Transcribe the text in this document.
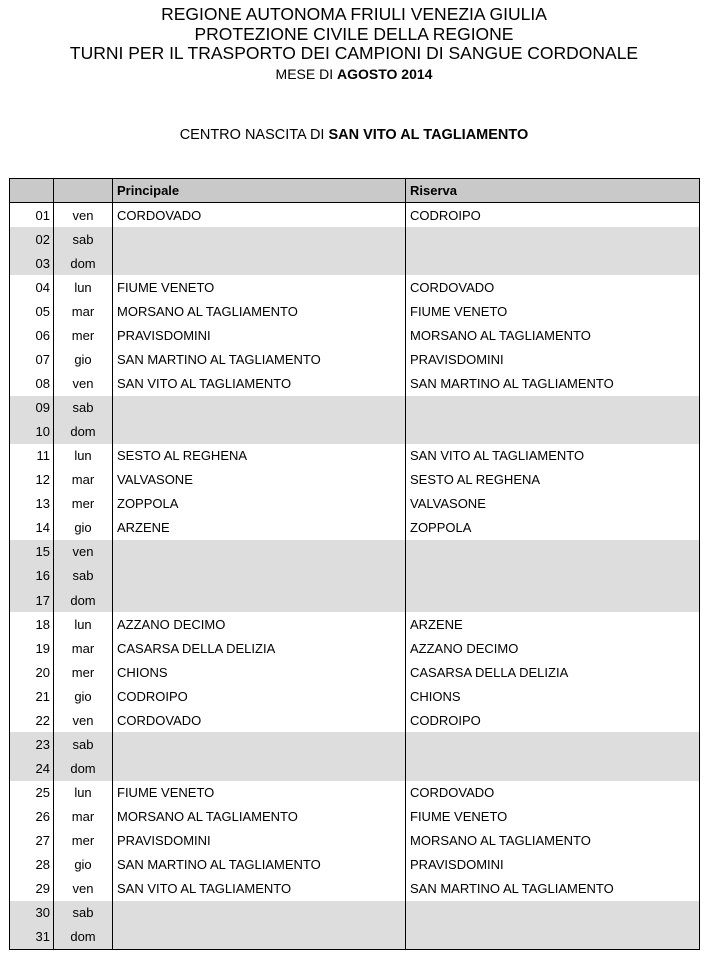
REGIONE AUTONOMA FRIULI VENEZIA GIULIA
PROTEZIONE CIVILE DELLA REGIONE
TURNI PER IL TRASPORTO DEI CAMPIONI DI SANGUE CORDONALE
MESE DI AGOSTO 2014
CENTRO NASCITA DI SAN VITO AL TAGLIAMENTO
Principale	Riserva
01	ven	CORDOVADO	CODROIPO
02	sab
03	dom
04	lun	FIUME VENETO	CORDOVADO
05	mar	MORSANO AL TAGLIAMENTO	FIUME VENETO
06	mer	PRAVISDOMINI	MORSANO AL TAGLIAMENTO
07	gio	SAN MARTINO AL TAGLIAMENTO	PRAVISDOMINI
08	ven	SAN VITO AL TAGLIAMENTO	SAN MARTINO AL TAGLIAMENTO
09	sab
10	dom
11	lun	SESTO AL REGHENA	SAN VITO AL TAGLIAMENTO
12	mar	VALVASONE	SESTO AL REGHENA
13	mer	ZOPPOLA	VALVASONE
14	gio	ARZENE	ZOPPOLA
15	ven
16	sab
17	dom
18	lun	AZZANO DECIMO	ARZENE
19	mar	CASARSA DELLA DELIZIA	AZZANO DECIMO
20	mer	CHIONS	CASARSA DELLA DELIZIA
21	gio	CODROIPO	CHIONS
22	ven	CORDOVADO	CODROIPO
23	sab
24	dom
25	lun	FIUME VENETO	CORDOVADO
26	mar	MORSANO AL TAGLIAMENTO	FIUME VENETO
27	mer	PRAVISDOMINI	MORSANO AL TAGLIAMENTO
28	gio	SAN MARTINO AL TAGLIAMENTO	PRAVISDOMINI
29	ven	SAN VITO AL TAGLIAMENTO	SAN MARTINO AL TAGLIAMENTO
30	sab
31	dom
